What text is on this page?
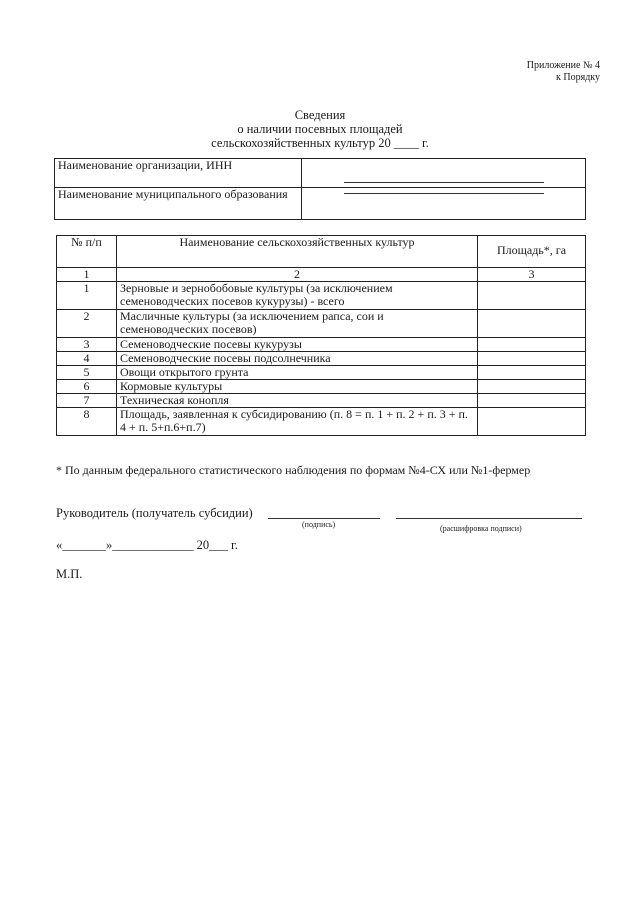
Приложение № 4
к Порядку
Сведения
о наличии посевных площадей
сельскохозяйственных культур 20 ____ г.
Наименование организации, ИНН	

Наименование муниципального образования	
№ п/п	Наименование сельскохозяйственных культур	Площадь*, га
1	2	3
1	Зерновые и зернобобовые культуры (за исключением семеноводческих посевов кукурузы) - всего	
2	Масличные культуры (за исключением рапса, сои и семеноводческих посевов)	
3	Семеноводческие посевы кукурузы	
4	Семеноводческие посевы подсолнечника	
5	Овощи открытого грунта	
6	Кормовые культуры	
7	Техническая конопля	
8	Площадь, заявленная к субсидированию (п. 8 = п. 1 + п. 2 + п. 3 + п. 4 + п. 5+п.6+п.7)	
* По данным федерального статистического наблюдения по формам №4-СХ или №1-фермер
Руководитель (получатель субсидии)
(подпись)	(расшифровка подписи)
«_______»_____________ 20___ г.
М.П.
